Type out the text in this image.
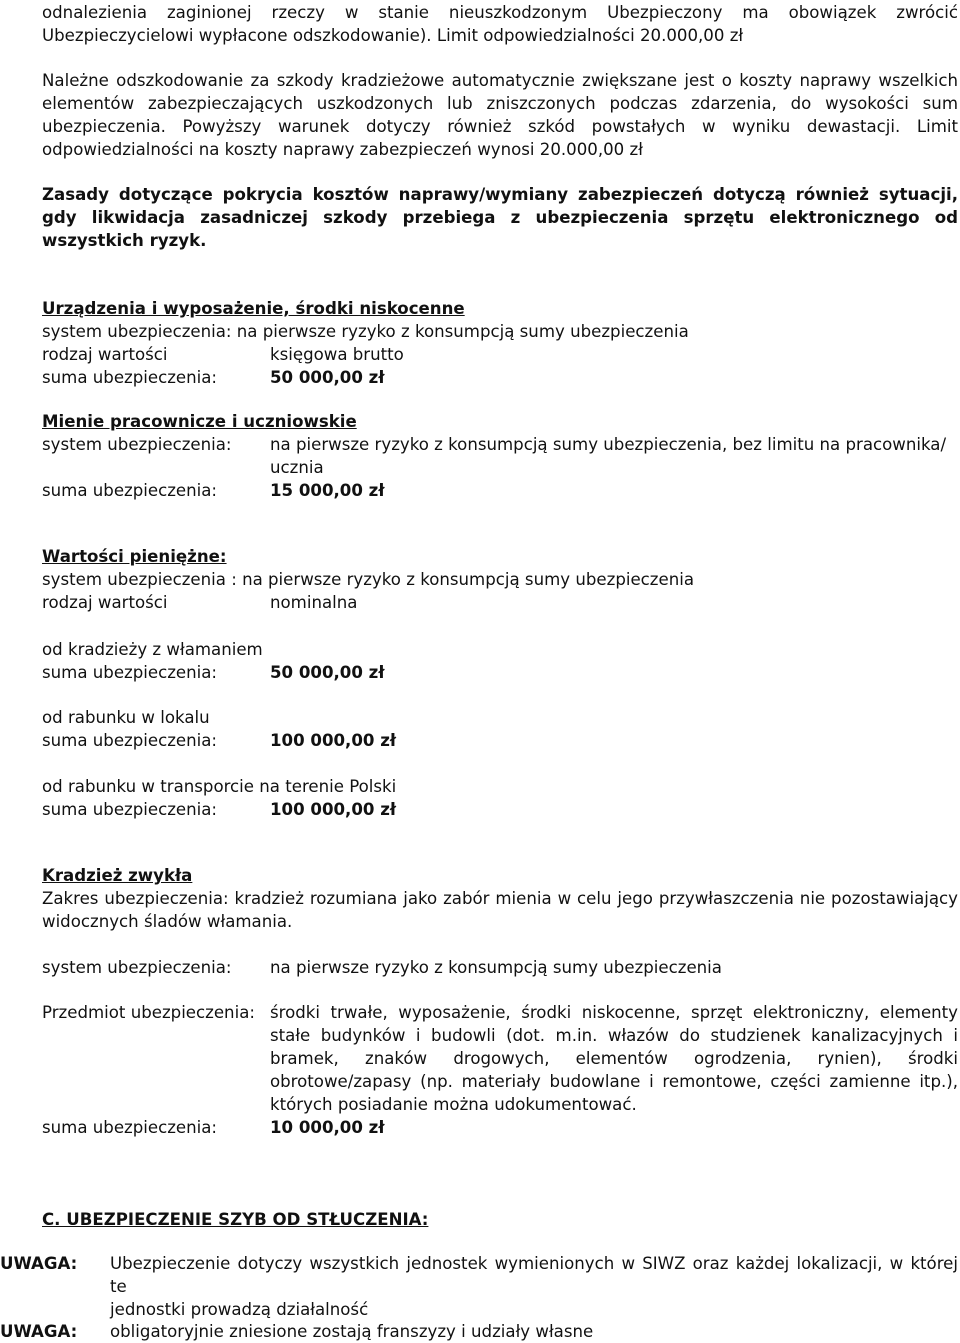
odnalezienia zaginionej rzeczy w stanie nieuszkodzonym Ubezpieczony ma obowiązek zwrócić
Ubezpieczycielowi wypłacone odszkodowanie). Limit odpowiedzialności 20.000,00 zł
Należne odszkodowanie za szkody kradzieżowe automatycznie zwiększane jest o koszty naprawy wszelkich
elementów zabezpieczających uszkodzonych lub zniszczonych podczas zdarzenia, do wysokości sum
ubezpieczenia. Powyższy warunek dotyczy również szkód powstałych w wyniku dewastacji. Limit
odpowiedzialności na koszty naprawy zabezpieczeń wynosi 20.000,00 zł
Zasady dotyczące pokrycia kosztów naprawy/wymiany zabezpieczeń dotyczą również sytuacji,
gdy likwidacja zasadniczej szkody przebiega z ubezpieczenia sprzętu elektronicznego od
wszystkich ryzyk.
Urządzenia i wyposażenie, środki niskocenne
system ubezpieczenia: na pierwsze ryzyko z konsumpcją sumy ubezpieczenia
rodzaj wartości	księgowa brutto
suma ubezpieczenia:	50 000,00 zł
Mienie pracownicze i uczniowskie
system ubezpieczenia:	na pierwsze ryzyko z konsumpcją sumy ubezpieczenia, bez limitu na pracownika/
ucznia
suma ubezpieczenia:	15 000,00 zł
Wartości pieniężne:
system ubezpieczenia : na pierwsze ryzyko z konsumpcją sumy ubezpieczenia
rodzaj wartości	nominalna
od kradzieży z włamaniem
suma ubezpieczenia:	50 000,00 zł
od rabunku w lokalu
suma ubezpieczenia:	100 000,00 zł
od rabunku w transporcie na terenie Polski
suma ubezpieczenia:	100 000,00 zł
Kradzież zwykła
Zakres ubezpieczenia: kradzież rozumiana jako zabór mienia w celu jego przywłaszczenia nie pozostawiający
widocznych śladów włamania.
system ubezpieczenia:	na pierwsze ryzyko z konsumpcją sumy ubezpieczenia
Przedmiot ubezpieczenia: środki trwałe, wyposażenie, środki niskocenne, sprzęt elektroniczny, elementy
stałe budynków i budowli (dot. m.in. włazów do studzienek kanalizacyjnych i
bramek, znaków drogowych, elementów ogrodzenia, rynien), środki
obrotowe/zapasy (np. materiały budowlane i remontowe, części zamienne itp.),
których posiadanie można udokumentować.
suma ubezpieczenia:	10 000,00 zł
C. UBEZPIECZENIE SZYB OD STŁUCZENIA:
UWAGA:	Ubezpieczenie dotyczy wszystkich jednostek wymienionych w SIWZ oraz każdej lokalizacji, w której te
jednostki prowadzą działalność
UWAGA:	obligatoryjnie zniesione zostają franszyzy i udziały własne
